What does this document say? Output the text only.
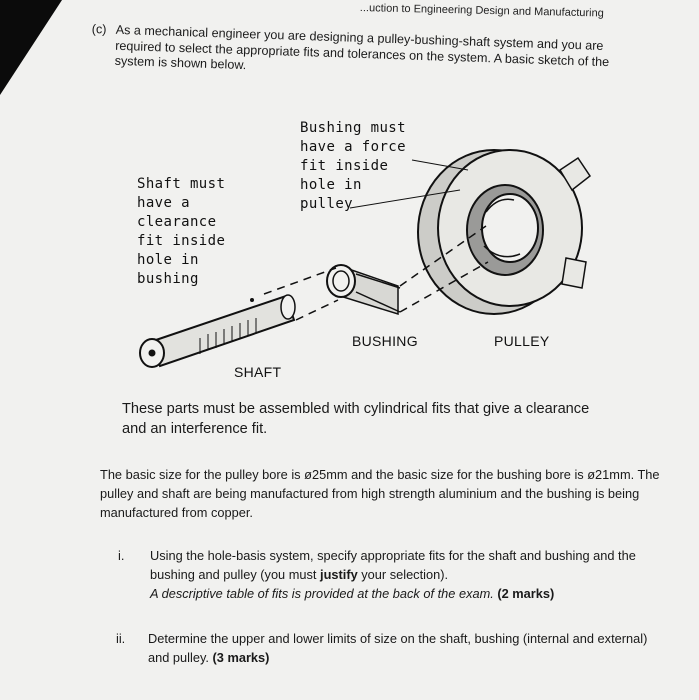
...uction to Engineering Design and Manufacturing
(c) As a mechanical engineer you are designing a pulley-bushing-shaft system and you are required to select the appropriate fits and tolerances on the system. A basic sketch of the system is shown below.
Shaft must
have a
clearance
fit inside
hole in
bushing
Bushing must
have a force
fit inside
hole in
pulley
BUSHING	PULLEY
SHAFT
These parts must be assembled with cylindrical fits that give a clearance and an interference fit.
The basic size for the pulley bore is ø25mm and the basic size for the bushing bore is ø21mm. The pulley and shaft are being manufactured from high strength aluminium and the bushing is being manufactured from copper.
i. Using the hole-basis system, specify appropriate fits for the shaft and bushing and the bushing and pulley (you must justify your selection).
A descriptive table of fits is provided at the back of the exam. (2 marks)
ii. Determine the upper and lower limits of size on the shaft, bushing (internal and external) and pulley. (3 marks)
